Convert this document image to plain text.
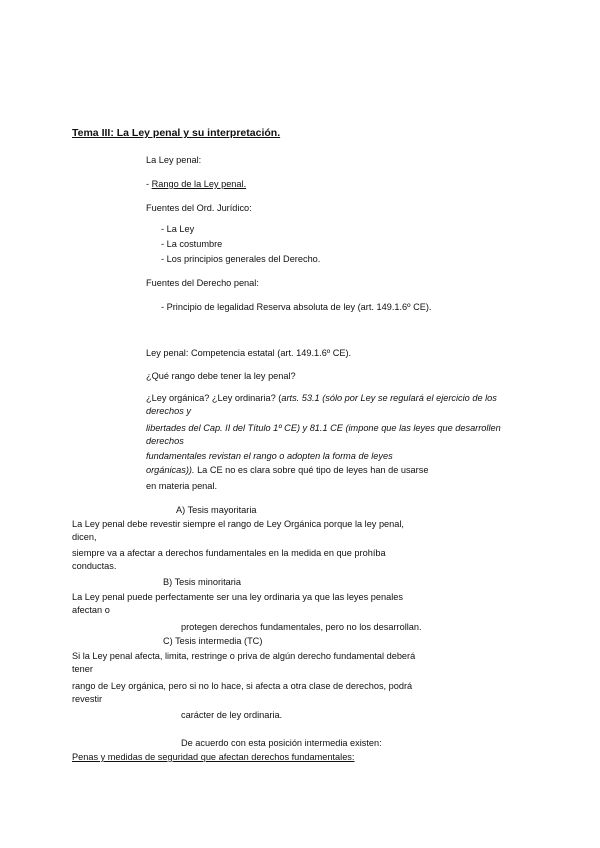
Tema III: La Ley penal y su interpretación.
La Ley penal:
- Rango de la Ley penal.
Fuentes del Ord. Jurídico:
- La Ley
- La costumbre
- Los principios generales del Derecho.
Fuentes del Derecho penal:
- Principio de legalidad Reserva absoluta de ley (art. 149.1.6º CE).
Ley penal: Competencia estatal (art. 149.1.6º CE).
¿Qué rango debe tener la ley penal?
¿Ley orgánica? ¿Ley ordinaria? (arts. 53.1 (sólo por Ley se regulará el ejercicio de los
derechos y
libertades del Cap. II del Título 1º CE) y 81.1 CE (impone que las leyes que desarrollen
derechos
fundamentales revistan el rango o adopten la forma de leyes
orgánicas)). La CE no es clara sobre qué tipo de leyes han de usarse
en materia penal.
A) Tesis mayoritaria
La Ley penal debe revestir siempre el rango de Ley Orgánica porque la ley penal,
dicen,
siempre va a afectar a derechos fundamentales en la medida en que prohíba
conductas.
B) Tesis minoritaria
La Ley penal puede perfectamente ser una ley ordinaria ya que las leyes penales
afectan o
protegen derechos fundamentales, pero no los desarrollan.
C) Tesis intermedia (TC)
Si la Ley penal afecta, limita, restringe o priva de algún derecho fundamental deberá
tener
rango de Ley orgánica, pero si no lo hace, si afecta a otra clase de derechos, podrá
revestir
carácter de ley ordinaria.
De acuerdo con esta posición intermedia existen:
Penas y medidas de seguridad que afectan derechos fundamentales:
